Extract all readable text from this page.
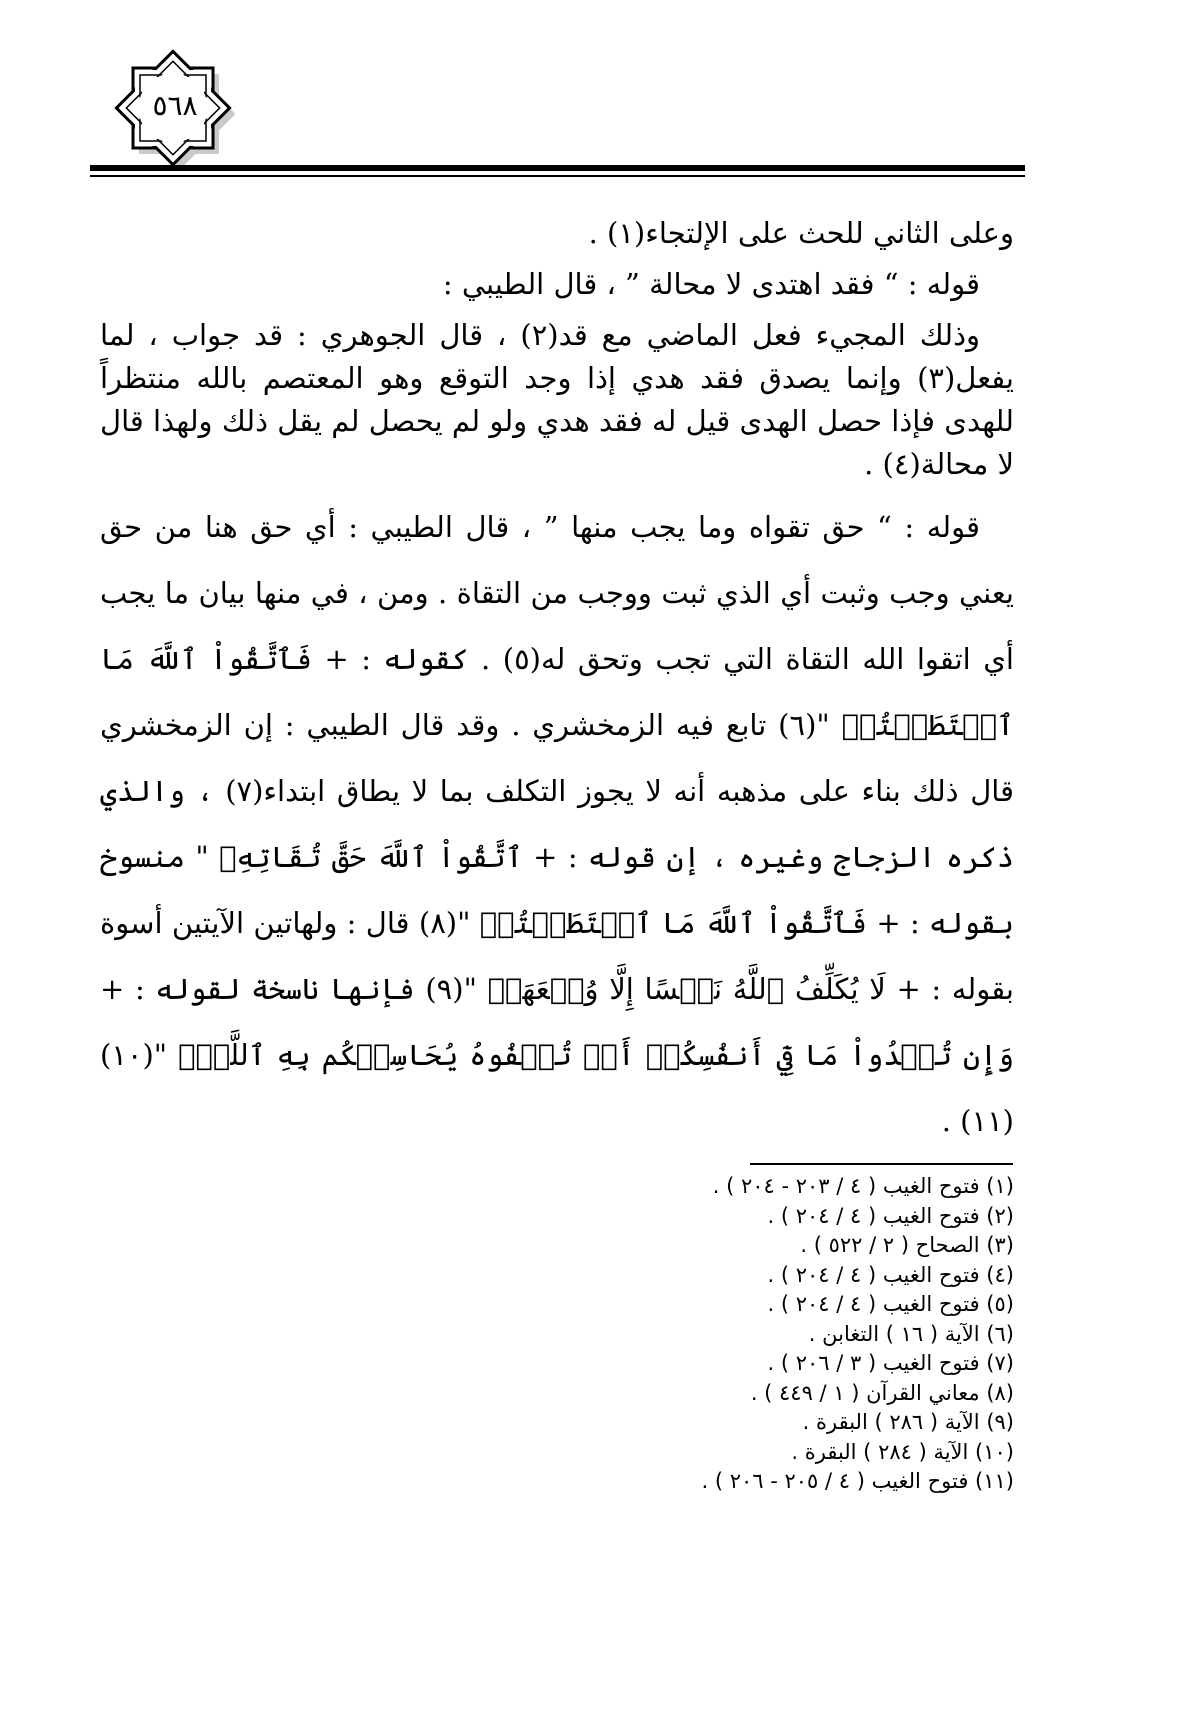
٥٦٨

وعلى الثاني للحث على الإلتجاء(١) .

قوله : “ فقد اهتدى لا محالة ” ، قال الطيبي :

وذلك المجيء فعل الماضي مع قد(٢) ، قال الجوهري : قد جواب ، لما يفعل(٣) وإنما يصدق فقد هدي إذا وجد التوقع وهو المعتصم بالله منتظراً للهدى فإذا حصل الهدى قيل له فقد هدي ولو لم يحصل لم يقل ذلك ولهذا قال لا محالة(٤) .

قوله : “ حق تقواه وما يجب منها ” ، قال الطيبي : أي حق هنا من حق يعني وجب وثبت أي الذي ثبت ووجب من التقاة . ومن ، في منها بيان ما يجب أي اتقوا الله التقاة التي تجب وتحق له(٥) . كقوله : + فَٱتَّقُواْ ٱللَّهَ مَا ٱسۡتَطَعۡتُمۡ "(٦) تابع فيه الزمخشري . وقد قال الطيبي : إن الزمخشري قال ذلك بناء على مذهبه أنه لا يجوز التكلف بما لا يطاق ابتداء(٧) ، والذي ذكره الزجاج وغيره ، إن قوله : + ٱتَّقُواْ ٱللَّهَ حَقَّ تُقَاتِهِۦ " منسوخ بقوله : + فَٱتَّقُواْ ٱللَّهَ مَا ٱسۡتَطَعۡتُمۡ "(٨) قال : ولهاتين الآيتين أسوة بقوله : + لَا يُكَلِّفُ ٱللَّهُ نَفۡسًا إِلَّا وُسۡعَهَاۚ "(٩) فإنها ناسخة لقوله : + وَإِن تُبۡدُواْ مَا فِيٓ أَنفُسِكُمۡ أَوۡ تُخۡفُوهُ يُحَاسِبۡكُم بِهِ ٱللَّهُۖ "(١٠)(١١) .

(١) فتوح الغيب ( ٤ / ٢٠٣ - ٢٠٤ ) .
(٢) فتوح الغيب ( ٤ / ٢٠٤ ) .
(٣) الصحاح ( ٢ / ٥٢٢ ) .
(٤) فتوح الغيب ( ٤ / ٢٠٤ ) .
(٥) فتوح الغيب ( ٤ / ٢٠٤ ) .
(٦) الآية ( ١٦ ) التغابن .
(٧) فتوح الغيب ( ٣ / ٢٠٦ ) .
(٨) معاني القرآن ( ١ / ٤٤٩ ) .
(٩) الآية ( ٢٨٦ ) البقرة .
(١٠) الآية ( ٢٨٤ ) البقرة .
(١١) فتوح الغيب ( ٤ / ٢٠٥ - ٢٠٦ ) .
